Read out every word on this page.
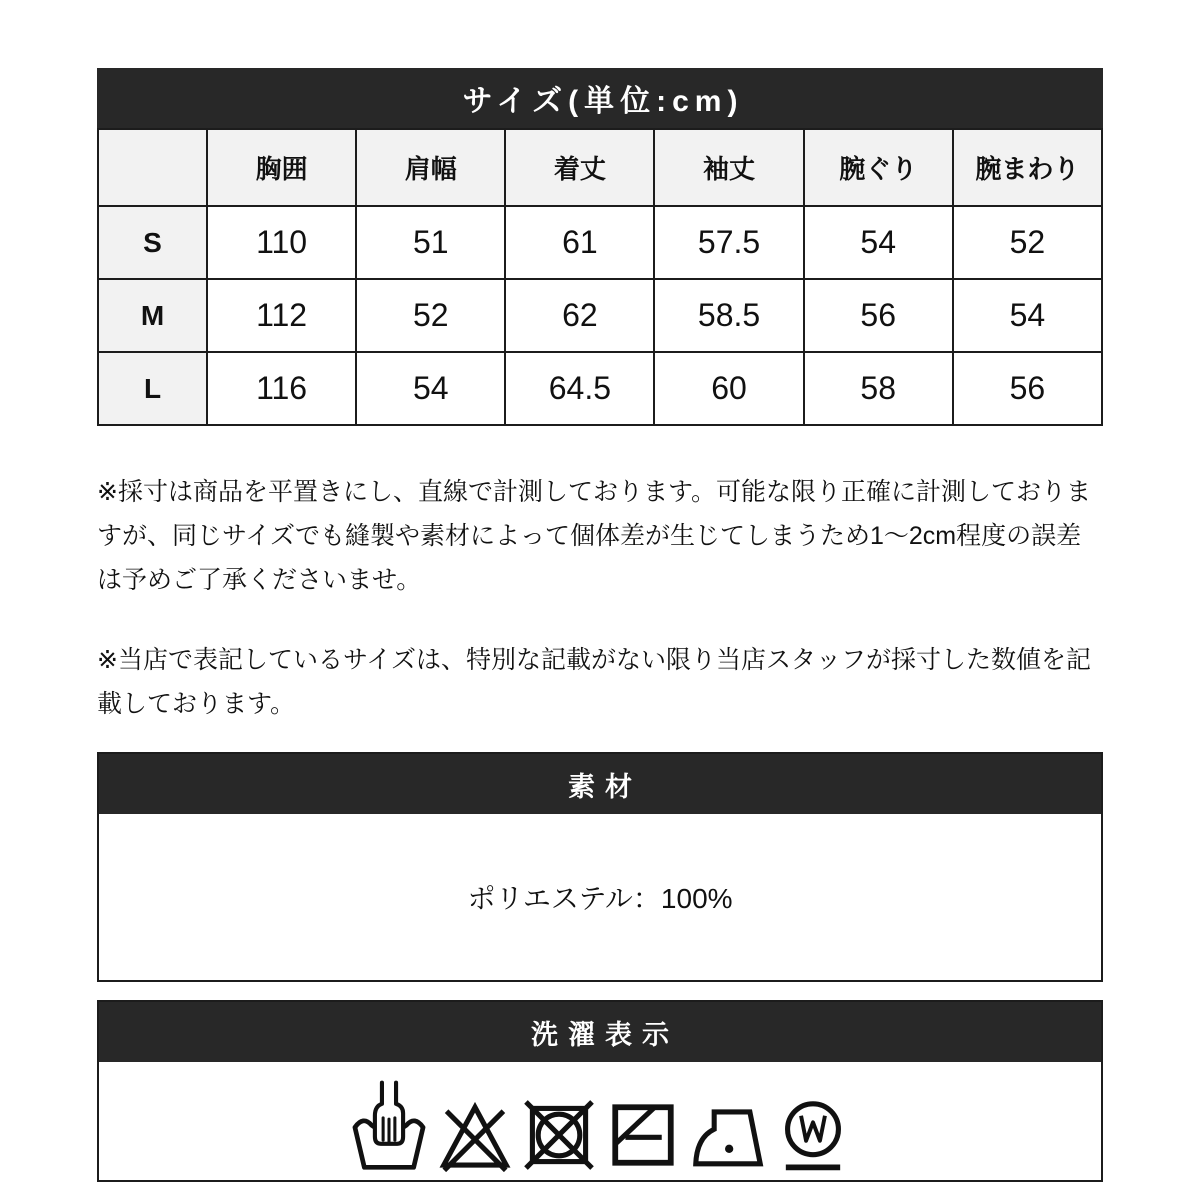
サイズ(単位:cm)
	胸囲	肩幅	着丈	袖丈	腕ぐり	腕まわり
S	110	51	61	57.5	54	52
M	112	52	62	58.5	56	54
L	116	54	64.5	60	58	56

※採寸は商品を平置きにし、直線で計測しております。可能な限り正確に計測しておりますが、同じサイズでも縫製や素材によって個体差が生じてしまうため1～2cm程度の誤差は予めご了承くださいませ。

※当店で表記しているサイズは、特別な記載がない限り当店スタッフが採寸した数値を記載しております。

素材
ポリエステル：100%
洗濯表示
